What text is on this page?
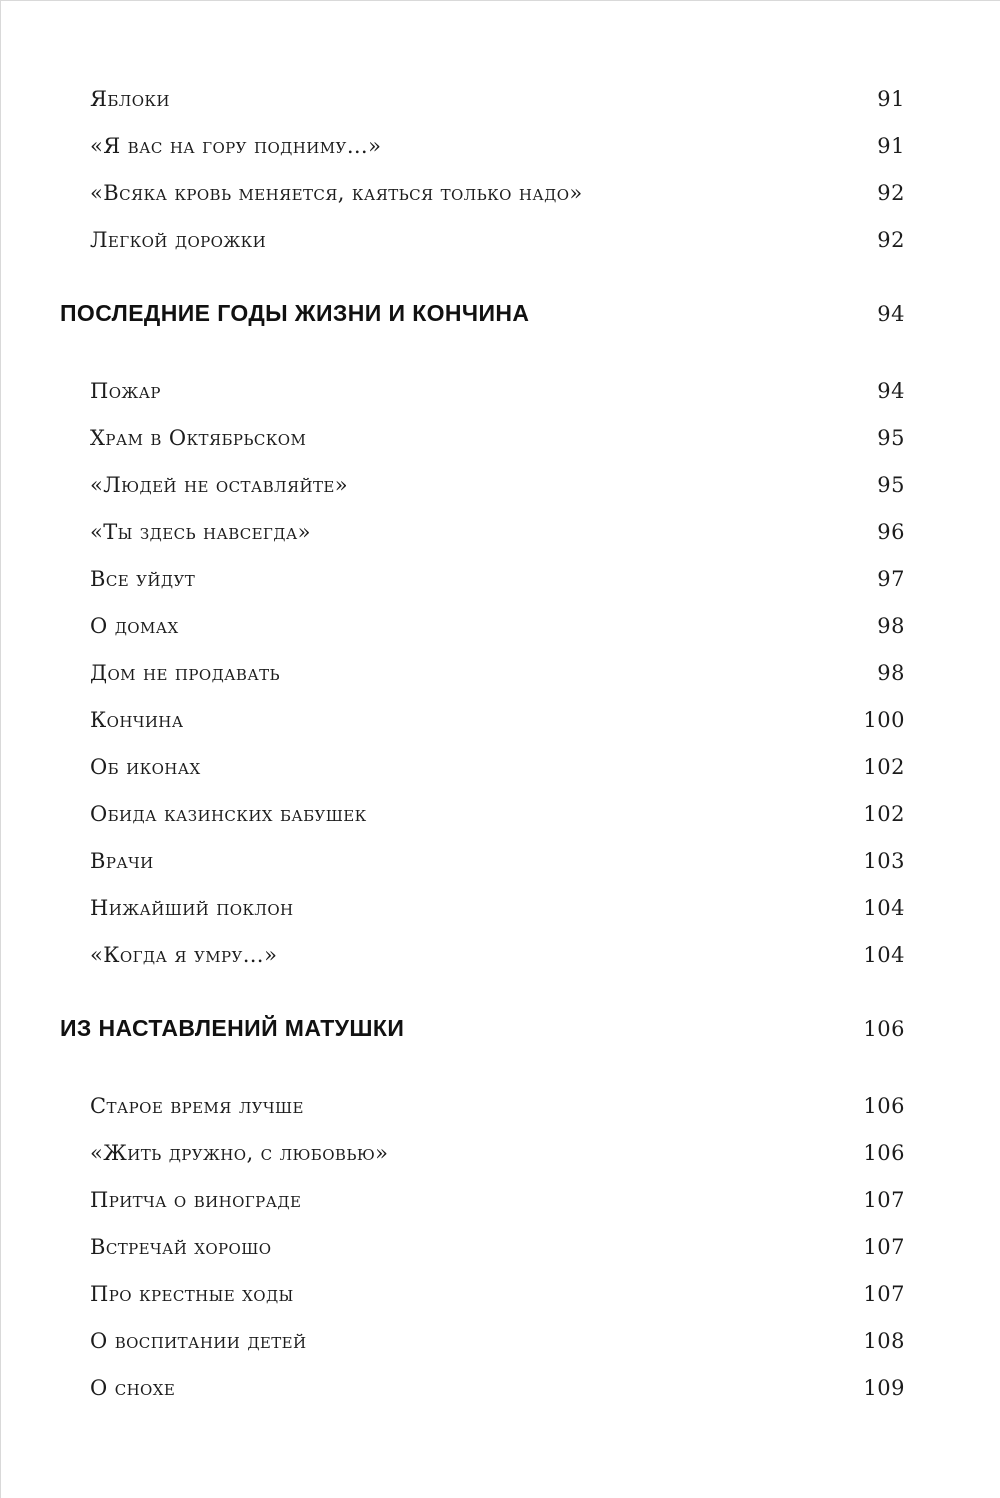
Яблоки	91
«Я вас на гору подниму…»	91
«Всяка кровь меняется, каяться только надо»	92
Легкой дорожки	92
ПОСЛЕДНИЕ ГОДЫ ЖИЗНИ И КОНЧИНА	94
Пожар	94
Храм в Октябрьском	95
«Людей не оставляйте»	95
«Ты здесь навсегда»	96
Все уйдут	97
О домах	98
Дом не продавать	98
Кончина	100
Об иконах	102
Обида казинских бабушек	102
Врачи	103
Нижайший поклон	104
«Когда я умру…»	104
ИЗ НАСТАВЛЕНИЙ МАТУШКИ	106
Старое время лучше	106
«Жить дружно, с любовью»	106
Притча о винограде	107
Встречай хорошо	107
Про крестные ходы	107
О воспитании детей	108
О снохе	109
